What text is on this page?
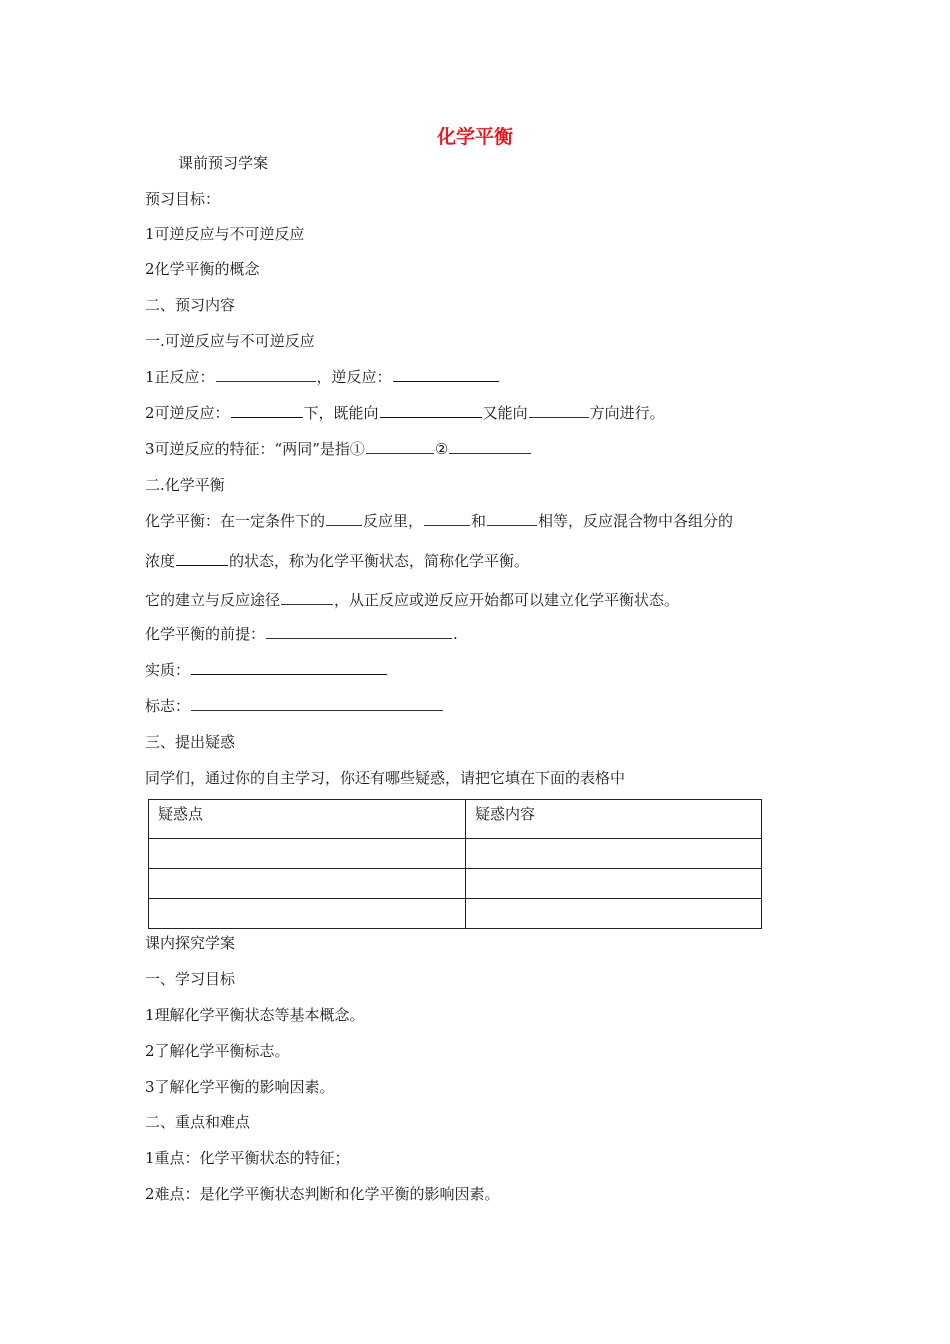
化学平衡
课前预习学案
预习目标：
1可逆反应与不可逆反应
2化学平衡的概念
二、预习内容
一.可逆反应与不可逆反应
1正反应：	，逆反应：
2可逆反应：	下，既能向	又能向	方向进行。
3可逆反应的特征：“两同”是指①	②
二.化学平衡
化学平衡：在一定条件下的	反应里，	和	相等，反应混合物中各组分的
浓度	的状态，称为化学平衡状态，简称化学平衡。
它的建立与反应途径	，从正反应或逆反应开始都可以建立化学平衡状态。
化学平衡的前提：	.
实质：
标志：
三、提出疑惑
同学们，通过你的自主学习，你还有哪些疑惑，请把它填在下面的表格中
疑惑点	疑惑内容

课内探究学案
一、学习目标
1理解化学平衡状态等基本概念。
2了解化学平衡标志。
3了解化学平衡的影响因素。
二、重点和难点
1重点：化学平衡状态的特征；
2难点：是化学平衡状态判断和化学平衡的影响因素。
